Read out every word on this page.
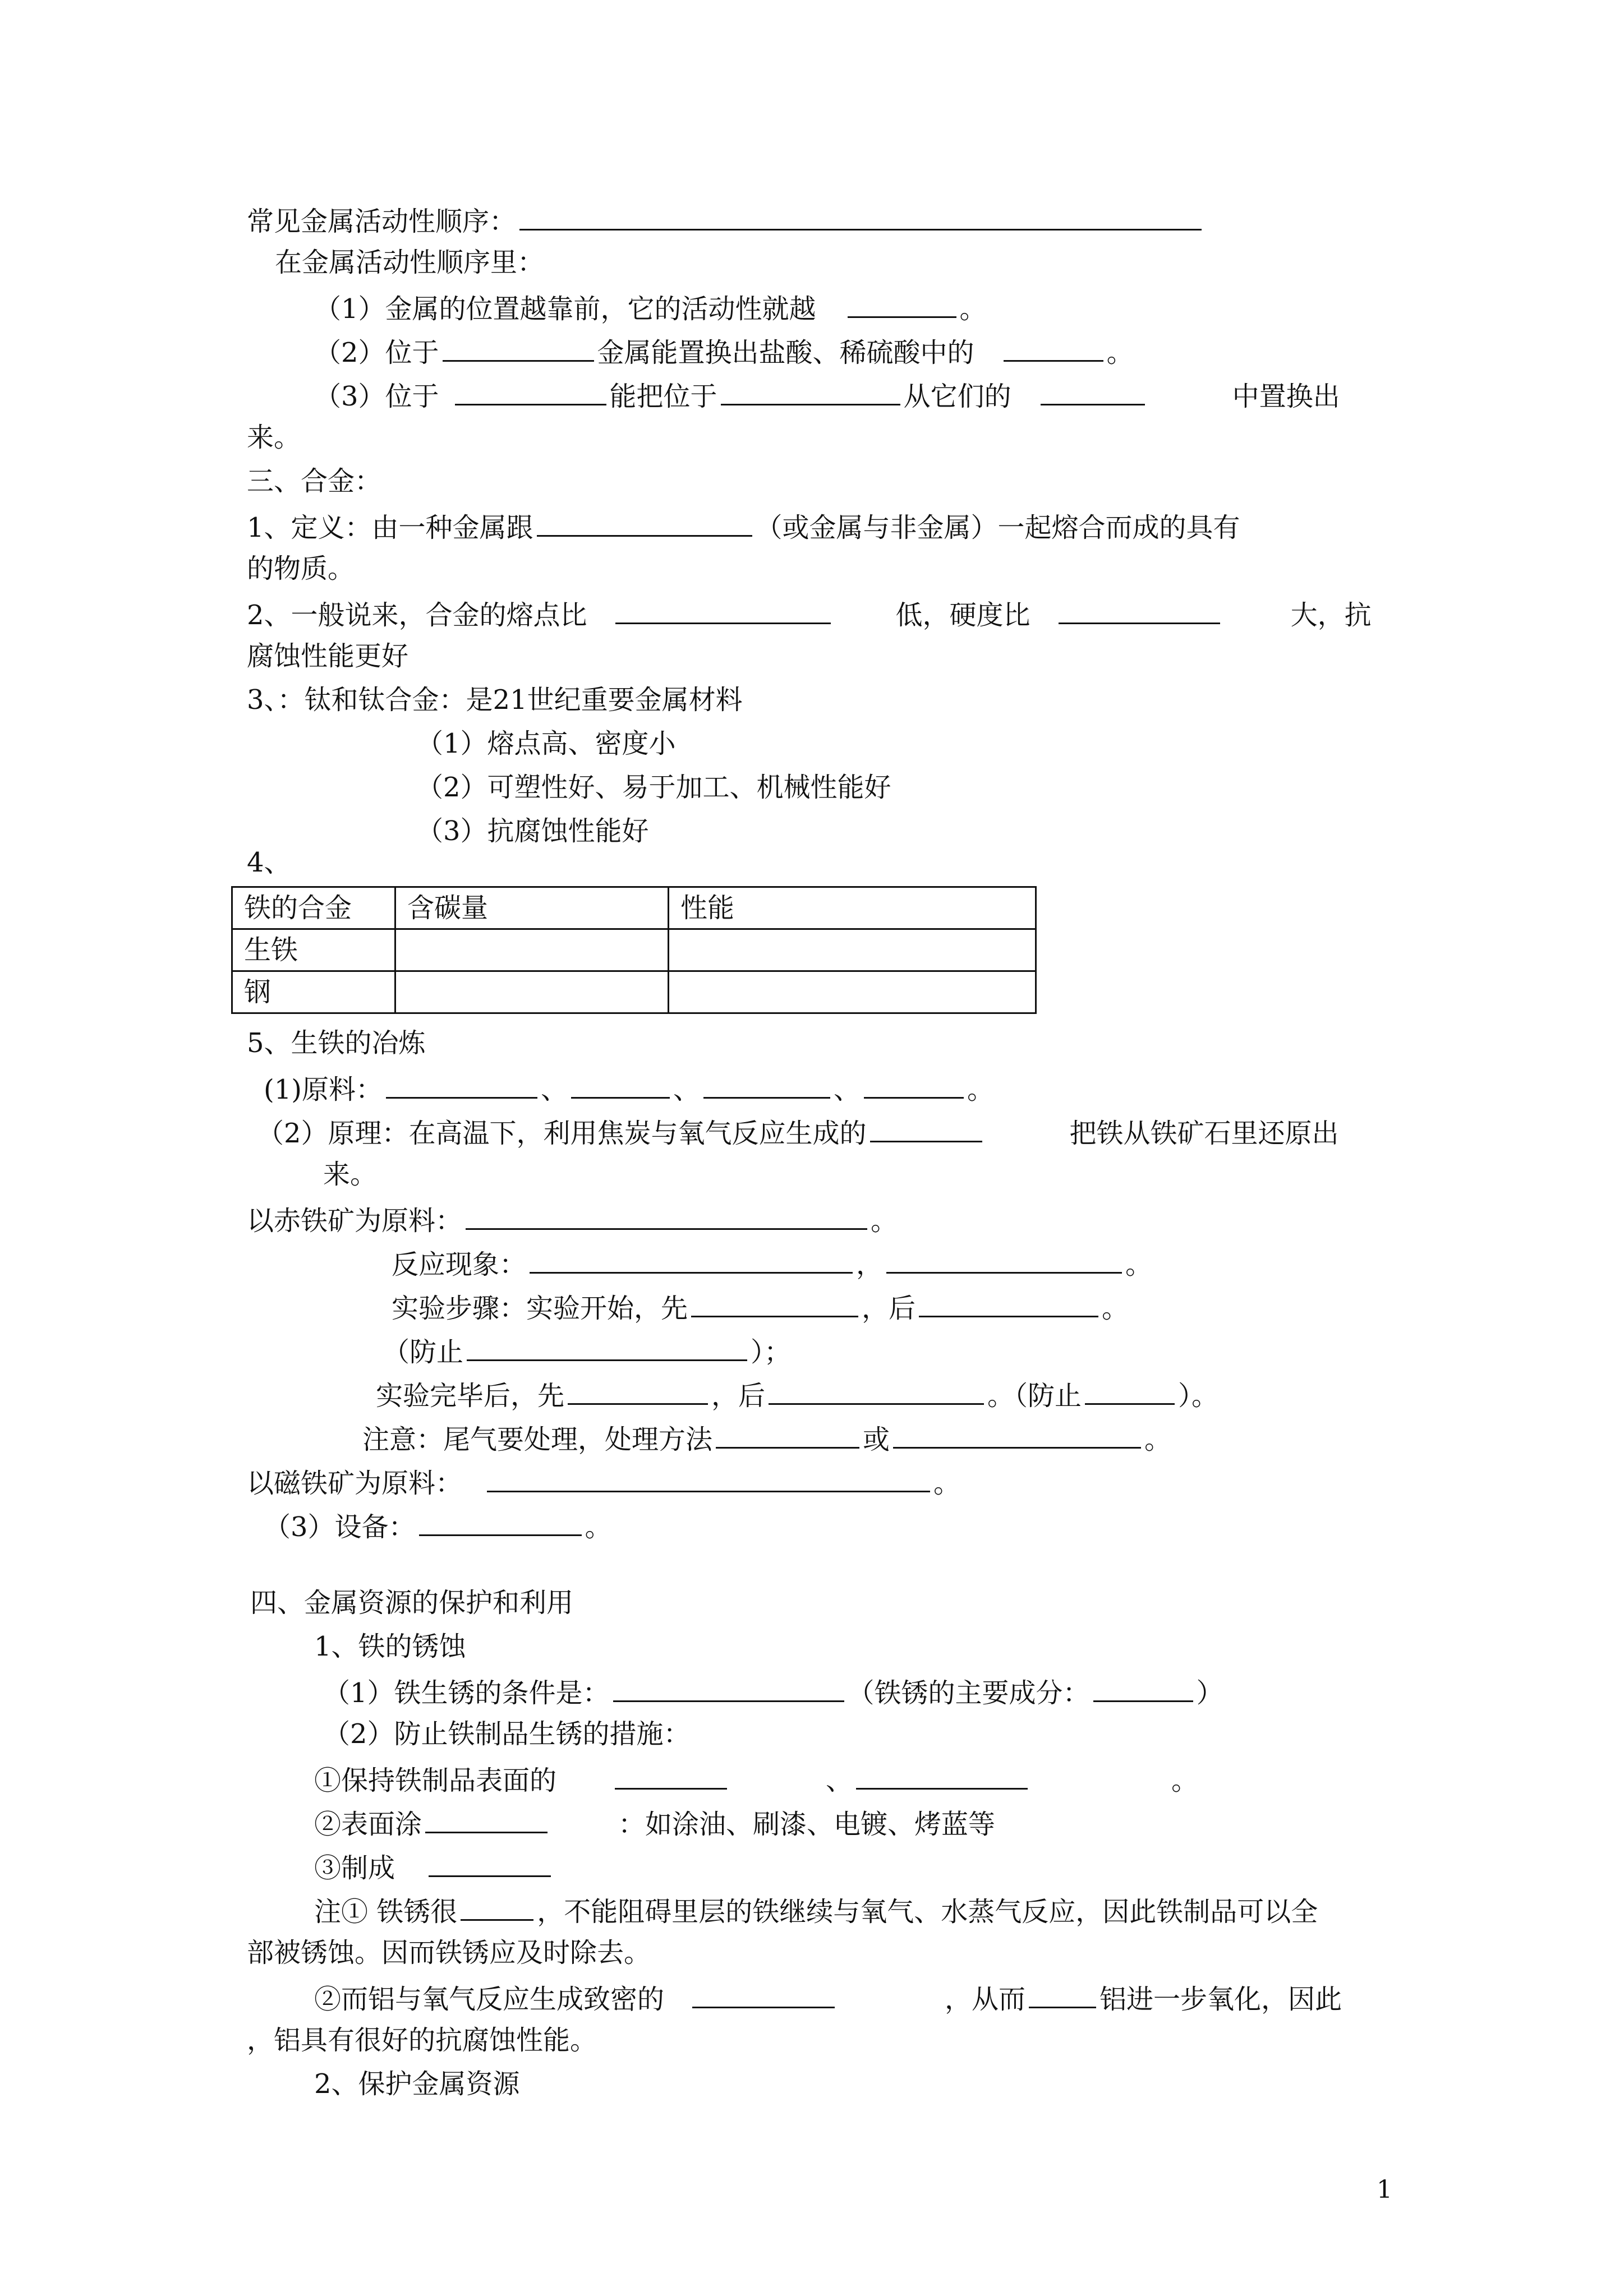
常见金属活动性顺序：
在金属活动性顺序里：
（1）金属的位置越靠前，它的活动性就越	。
（2）位于	金属能置换出盐酸、稀硫酸中的	。
（3）位于	能把位于	从它们的	中置换出
来。
三、合金：
1、定义：由一种金属跟	（或金属与非金属）一起熔合而成的具有
的物质。
2、一般说来，合金的熔点比	低，硬度比	大，抗
腐蚀性能更好
3、：钛和钛合金：是21世纪重要金属材料
（1）熔点高、密度小
（2）可塑性好、易于加工、机械性能好
（3）抗腐蚀性能好
4、
铁的合金	含碳量	性能
生铁		
钢		
5、生铁的冶炼
(1)原料：	、	、	、	。
（2）原理：在高温下，利用焦炭与氧气反应生成的	把铁从铁矿石里还原出
来。
以赤铁矿为原料：	。
反应现象：	，	。
实验步骤：实验开始，先	，后	。
（防止	）；
实验完毕后，先	，后	。（防止	）。
注意：尾气要处理，处理方法	或	。
以磁铁矿为原料：	。
（3）设备：	。
四、金属资源的保护和利用
1、铁的锈蚀
（1）铁生锈的条件是：	（铁锈的主要成分：	）
（2）防止铁制品生锈的措施：
①保持铁制品表面的	、	。
②表面涂	：如涂油、刷漆、电镀、烤蓝等
③制成
注① 铁锈很	，不能阻碍里层的铁继续与氧气、水蒸气反应，因此铁制品可以全
部被锈蚀。因而铁锈应及时除去。
②而铝与氧气反应生成致密的	，从而	铝进一步氧化，因此
，铝具有很好的抗腐蚀性能。
2、保护金属资源
1
